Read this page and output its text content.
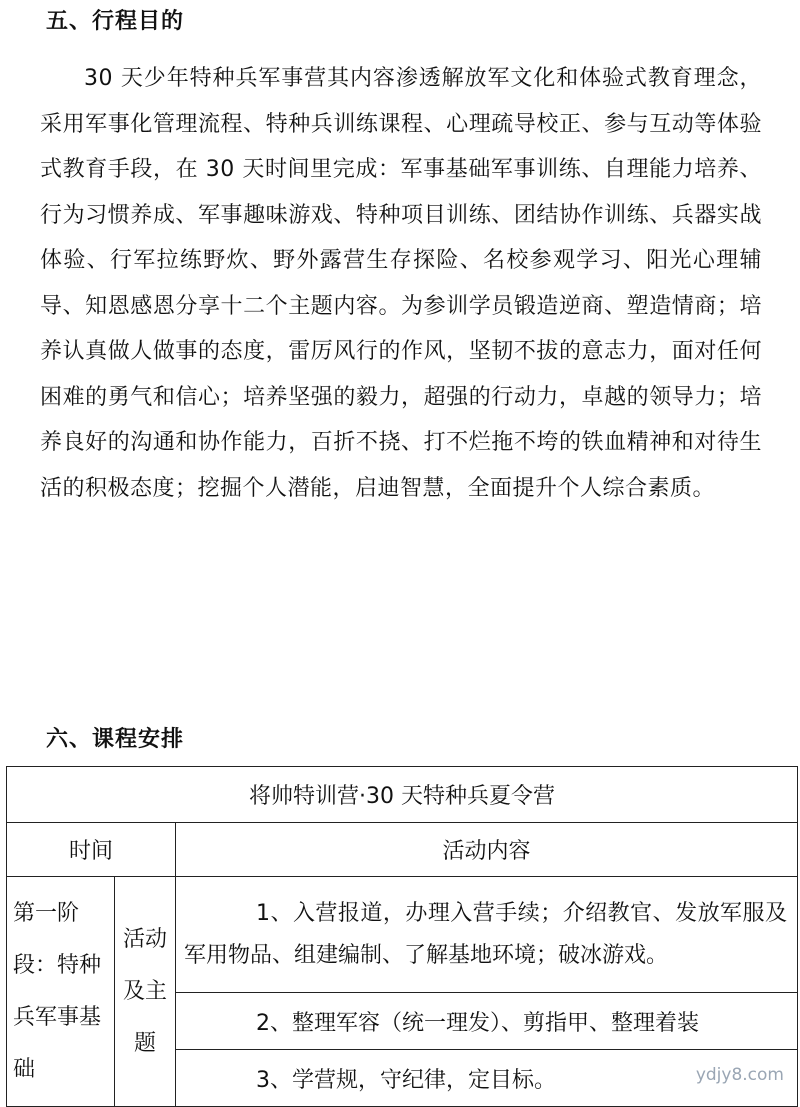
五、行程目的

30 天少年特种兵军事营其内容渗透解放军文化和体验式教育理念，采用军事化管理流程、特种兵训练课程、心理疏导校正、参与互动等体验式教育手段，在 30 天时间里完成：军事基础军事训练、自理能力培养、行为习惯养成、军事趣味游戏、特种项目训练、团结协作训练、兵器实战体验、行军拉练野炊、野外露营生存探险、名校参观学习、阳光心理辅导、知恩感恩分享十二个主题内容。为参训学员锻造逆商、塑造情商；培养认真做人做事的态度，雷厉风行的作风，坚韧不拔的意志力，面对任何困难的勇气和信心；培养坚强的毅力，超强的行动力，卓越的领导力；培养良好的沟通和协作能力，百折不挠、打不烂拖不垮的铁血精神和对待生活的积极态度；挖掘个人潜能，启迪智慧，全面提升个人综合素质。

六、课程安排
将帅特训营·30 天特种兵夏令营		
时间		活动内容
第一阶段：特种兵军事基础	活动及主题	1、入营报道，办理入营手续；介绍教官、发放军服及军用物品、组建编制、了解基地环境；破冰游戏。
		2、整理军容（统一理发）、剪指甲、整理着装
		3、学营规，守纪律，定目标。	ydjy8.com
